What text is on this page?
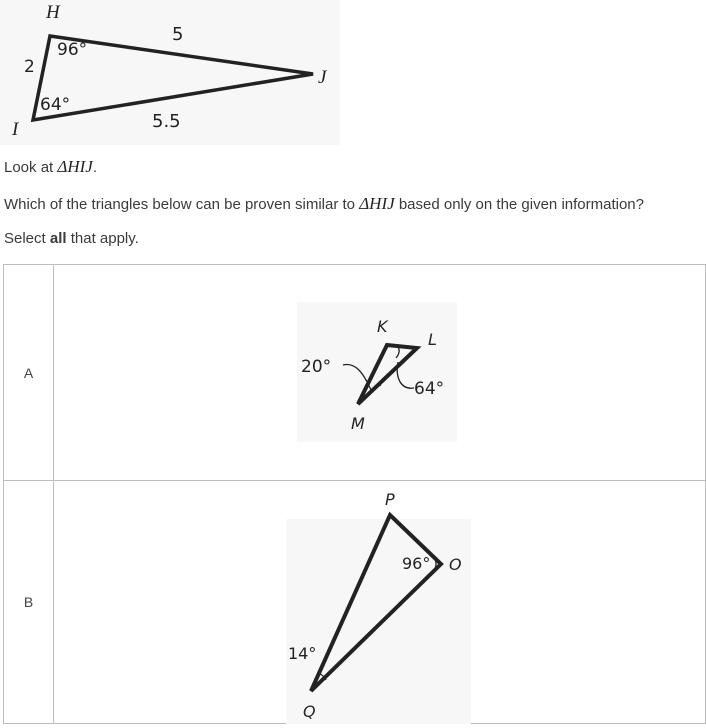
H
I
J
96°
64°
2
5
5.5
Look at ΔHIJ.
Which of the triangles below can be proven similar to ΔHIJ based only on the given information?
Select all that apply.
A	20°
64°
K
L
M

B	P
O
Q
96°
14°
